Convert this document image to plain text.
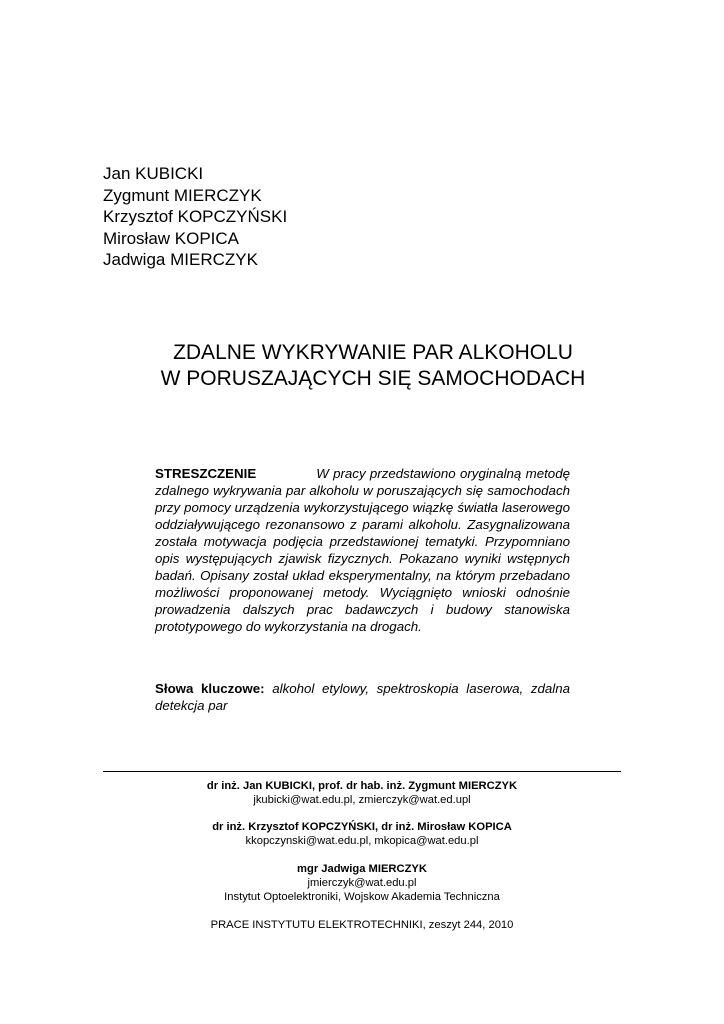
Jan KUBICKI
Zygmunt MIERCZYK
Krzysztof KOPCZYŃSKI
Mirosław KOPICA
Jadwiga MIERCZYK
ZDALNE WYKRYWANIE PAR ALKOHOLU
W PORUSZAJĄCYCH SIĘ SAMOCHODACH
STRESZCZENIE	W pracy przedstawiono oryginalną metodę zdalnego wykrywania par alkoholu w poruszających się samochodach przy pomocy urządzenia wykorzystującego wiązkę światła laserowego oddziaływującego rezonansowo z parami alkoholu. Zasygnalizowana została motywacja podjęcia przedstawionej tematyki. Przypomniano opis występujących zjawisk fizycznych. Pokazano wyniki wstępnych badań. Opisany został układ eksperymentalny, na którym przebadano możliwości proponowanej metody. Wyciągnięto wnioski odnośnie prowadzenia dalszych prac badawczych i budowy stanowiska prototypowego do wykorzystania na drogach.
Słowa kluczowe: alkohol etylowy, spektroskopia laserowa, zdalna detekcja par
dr inż. Jan KUBICKI, prof. dr hab. inż. Zygmunt MIERCZYK
jkubicki@wat.edu.pl, zmierczyk@wat.ed.upl
dr inż. Krzysztof KOPCZYŃSKI, dr inż. Mirosław KOPICA
kkopczynski@wat.edu.pl, mkopica@wat.edu.pl
mgr Jadwiga MIERCZYK
jmierczyk@wat.edu.pl
Instytut Optoelektroniki, Wojskow Akademia Techniczna
PRACE INSTYTUTU ELEKTROTECHNIKI, zeszyt 244, 2010
